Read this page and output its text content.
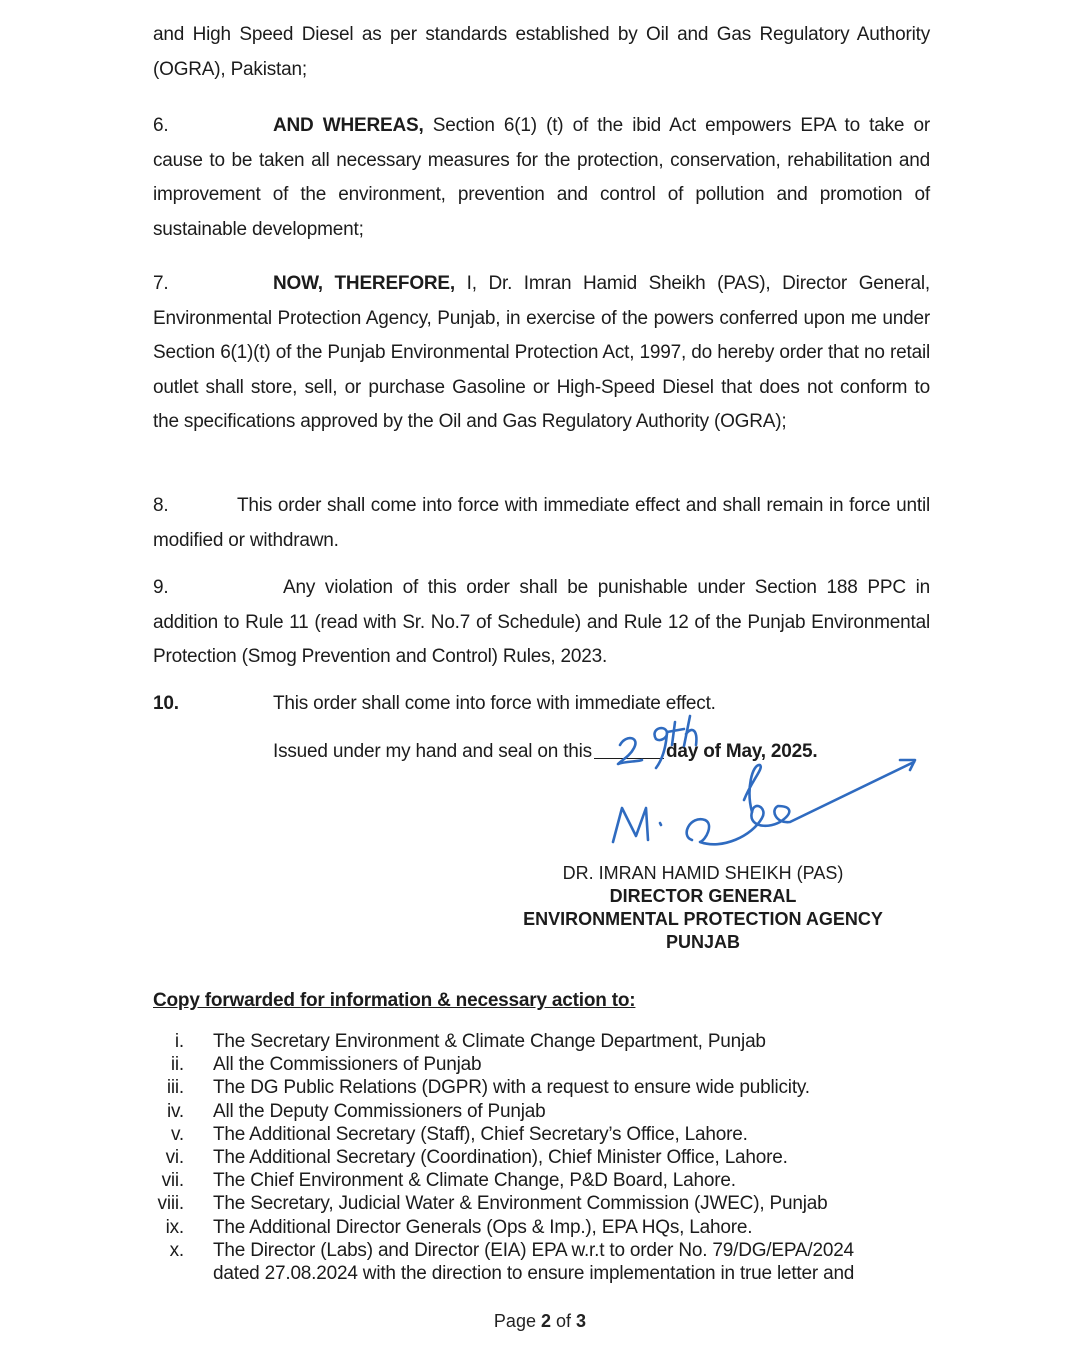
and High Speed Diesel as per standards established by Oil and Gas Regulatory Authority (OGRA), Pakistan;
6.	AND WHEREAS, Section 6(1) (t) of the ibid Act empowers EPA to take or cause to be taken all necessary measures for the protection, conservation, rehabilitation and improvement of the environment, prevention and control of pollution and promotion of sustainable development;
7.	NOW, THEREFORE, I, Dr. Imran Hamid Sheikh (PAS), Director General, Environmental Protection Agency, Punjab, in exercise of the powers conferred upon me under Section 6(1)(t) of the Punjab Environmental Protection Act, 1997, do hereby order that no retail outlet shall store, sell, or purchase Gasoline or High-Speed Diesel that does not conform to the specifications approved by the Oil and Gas Regulatory Authority (OGRA);
8.	This order shall come into force with immediate effect and shall remain in force until modified or withdrawn.
9.	Any violation of this order shall be punishable under Section 188 PPC in addition to Rule 11 (read with Sr. No.7 of Schedule) and Rule 12 of the Punjab Environmental Protection (Smog Prevention and Control) Rules, 2023.
10.	This order shall come into force with immediate effect.
Issued under my hand and seal on this	day of May, 2025.
DR. IMRAN HAMID SHEIKH (PAS)
DIRECTOR GENERAL
ENVIRONMENTAL PROTECTION AGENCY
PUNJAB
Copy forwarded for information & necessary action to:
i.	The Secretary Environment & Climate Change Department, Punjab
ii.	All the Commissioners of Punjab
iii.	The DG Public Relations (DGPR) with a request to ensure wide publicity.
iv.	All the Deputy Commissioners of Punjab
v.	The Additional Secretary (Staff), Chief Secretary’s Office, Lahore.
vi.	The Additional Secretary (Coordination), Chief Minister Office, Lahore.
vii.	The Chief Environment & Climate Change, P&D Board, Lahore.
viii.	The Secretary, Judicial Water & Environment Commission (JWEC), Punjab
ix.	The Additional Director Generals (Ops & Imp.), EPA HQs, Lahore.
x.	The Director (Labs) and Director (EIA) EPA w.r.t to order No. 79/DG/EPA/2024
dated 27.08.2024 with the direction to ensure implementation in true letter and
Page 2 of 3
